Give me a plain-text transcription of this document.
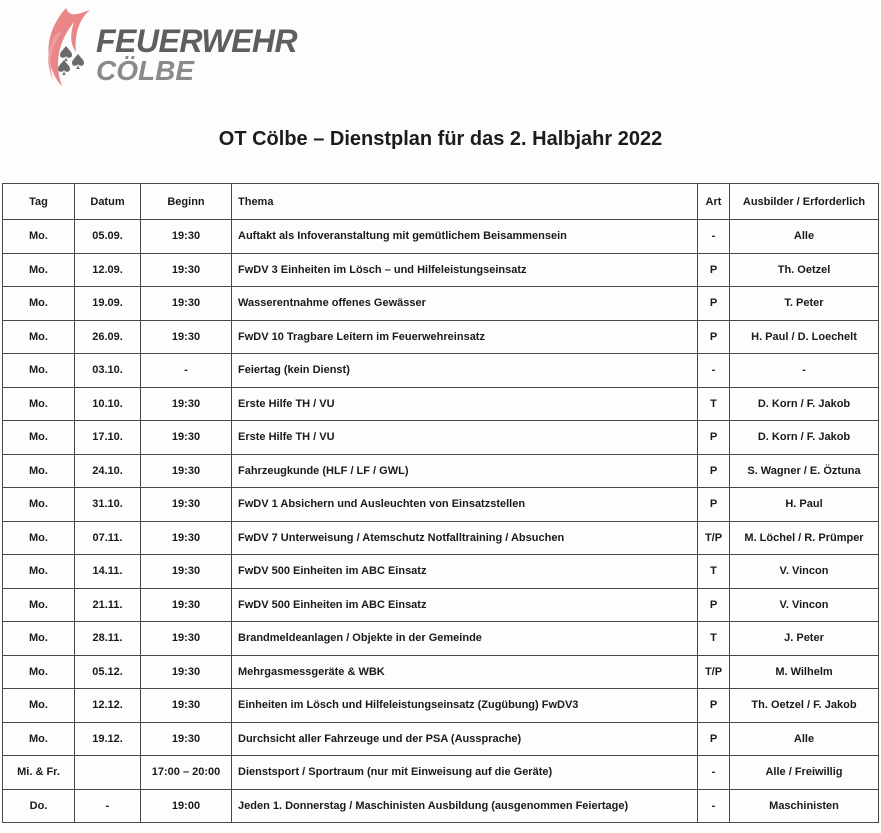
FEUERWEHR
CÖLBE
OT Cölbe – Dienstplan für das 2. Halbjahr 2022
Tag	Datum	Beginn	Thema	Art	Ausbilder / Erforderlich
Mo.	05.09.	19:30	Auftakt als Infoveranstaltung mit gemütlichem Beisammensein	-	Alle
Mo.	12.09.	19:30	FwDV 3 Einheiten im Lösch – und Hilfeleistungseinsatz	P	Th. Oetzel
Mo.	19.09.	19:30	Wasserentnahme offenes Gewässer	P	T. Peter
Mo.	26.09.	19:30	FwDV 10 Tragbare Leitern im Feuerwehreinsatz	P	H. Paul / D. Loechelt
Mo.	03.10.	-	Feiertag (kein Dienst)	-	-
Mo.	10.10.	19:30	Erste Hilfe TH / VU	T	D. Korn / F. Jakob
Mo.	17.10.	19:30	Erste Hilfe TH / VU	P	D. Korn / F. Jakob
Mo.	24.10.	19:30	Fahrzeugkunde (HLF / LF / GWL)	P	S. Wagner / E. Öztuna
Mo.	31.10.	19:30	FwDV 1 Absichern und Ausleuchten von Einsatzstellen	P	H. Paul
Mo.	07.11.	19:30	FwDV 7 Unterweisung / Atemschutz Notfalltraining / Absuchen	T/P	M. Löchel / R. Prümper
Mo.	14.11.	19:30	FwDV 500 Einheiten im ABC Einsatz	T	V. Vincon
Mo.	21.11.	19:30	FwDV 500 Einheiten im ABC Einsatz	P	V. Vincon
Mo.	28.11.	19:30	Brandmeldeanlagen / Objekte in der Gemeinde	T	J. Peter
Mo.	05.12.	19:30	Mehrgasmessgeräte & WBK	T/P	M. Wilhelm
Mo.	12.12.	19:30	Einheiten im Lösch und Hilfeleistungseinsatz (Zugübung) FwDV3	P	Th. Oetzel / F. Jakob
Mo.	19.12.	19:30	Durchsicht aller Fahrzeuge und der PSA (Aussprache)	P	Alle
Mi. & Fr.		17:00 – 20:00	Dienstsport / Sportraum (nur mit Einweisung auf die Geräte)	-	Alle / Freiwillig
Do.	-	19:00	Jeden 1. Donnerstag / Maschinisten Ausbildung (ausgenommen Feiertage)	-	Maschinisten
